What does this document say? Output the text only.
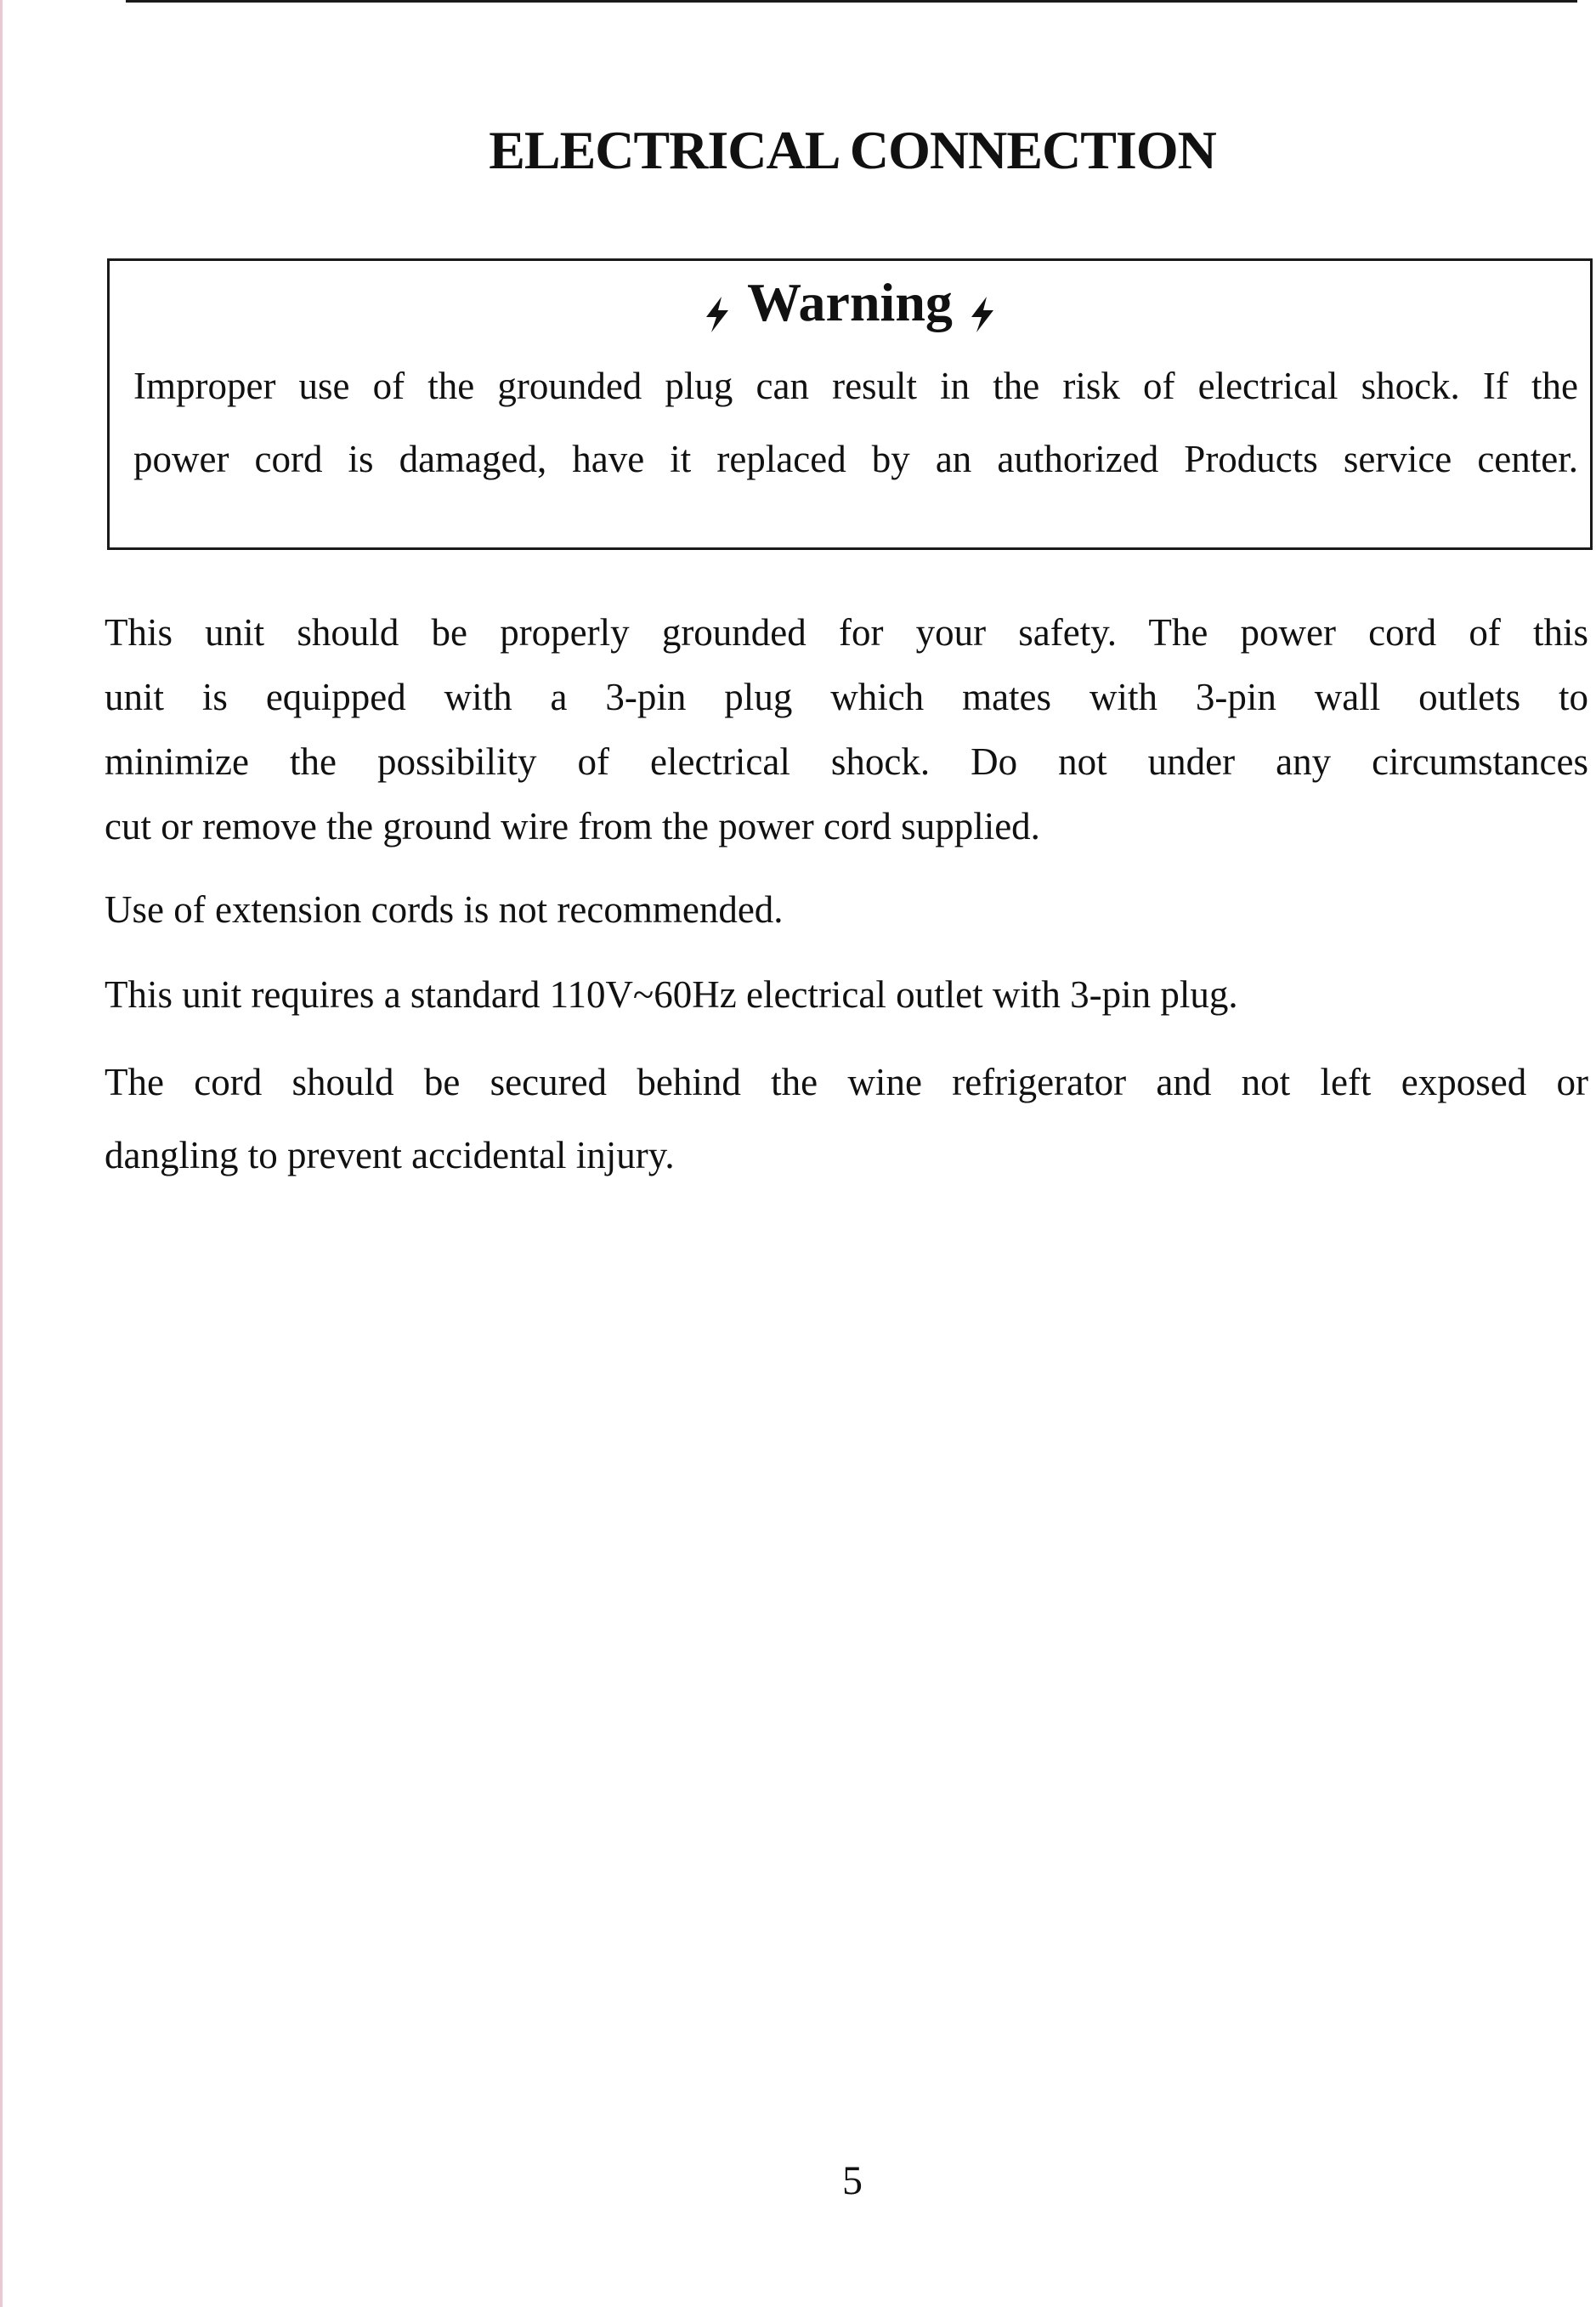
ELECTRICAL CONNECTION
Warning
Improper use of the grounded plug can result in the risk of electrical shock. If the
power cord is damaged, have it replaced by an authorized Products service center.
This unit should be properly grounded for your safety. The power cord of this
unit is equipped with a 3-pin plug which mates with 3-pin wall outlets to
minimize the possibility of electrical shock. Do not under any circumstances
cut or remove the ground wire from the power cord supplied.
Use of extension cords is not recommended.
This unit requires a standard 110V~60Hz electrical outlet with 3-pin plug.
The cord should be secured behind the wine refrigerator and not left exposed or
dangling to prevent accidental injury.
5
